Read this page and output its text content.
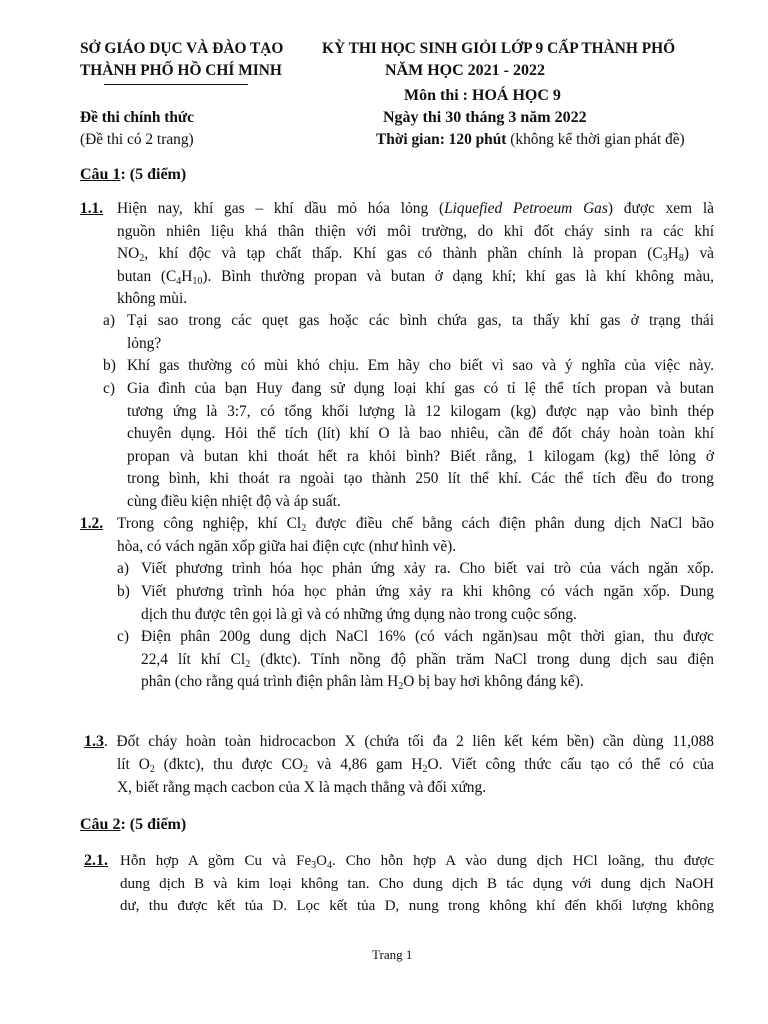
SỞ GIÁO DỤC VÀ ĐÀO TẠO
THÀNH PHỐ HỒ CHÍ MINH
KỲ THI HỌC SINH GIỎI LỚP 9 CẤP THÀNH PHỐ
NĂM HỌC 2021 - 2022
Môn thi : HOÁ HỌC 9
Đề thi chính thức	Ngày thi 30 tháng 3 năm 2022
(Đề thi có 2 trang)	Thời gian: 120 phút (không kể thời gian phát đề)
Câu 1: (5 điểm)
1.1. Hiện nay, khí gas – khí dầu mỏ hóa lỏng (Liquefied Petroeum Gas) được xem là
nguồn nhiên liệu khá thân thiện với môi trường, do khi đốt cháy sinh ra các khí
$NO_2$, khí độc và tạp chất thấp. Khí gas có thành phần chính là propan $(C_3H_8)$ và
butan $(C_4H_{10})$. Bình thường propan và butan ở dạng khí; khí gas là khí không màu,
không mùi.
a) Tại sao trong các quẹt gas hoặc các bình chứa gas, ta thấy khí gas ở trạng thái
lỏng?
b) Khí gas thường có mùi khó chịu. Em hãy cho biết vì sao và ý nghĩa của việc này.
c) Gia đình của bạn Huy đang sử dụng loại khí gas có tỉ lệ thể tích propan và butan
tương ứng là 3:7, có tổng khối lượng là 12 kilogam (kg) được nạp vào bình thép
chuyên dụng. Hỏi thể tích (lít) khí O là bao nhiêu, cần để đốt cháy hoàn toàn khí
propan và butan khi thoát hết ra khỏi bình? Biết rằng, 1 kilogam (kg) thể lỏng ở
trong bình, khi thoát ra ngoài tạo thành 250 lít thể khí. Các thể tích đều đo trong
cùng điều kiện nhiệt độ và áp suất.
1.2. Trong công nghiệp, khí $Cl_2$ được điều chế bằng cách điện phân dung dịch NaCl bão
hòa, có vách ngăn xốp giữa hai điện cực (như hình vẽ).
a) Viết phương trình hóa học phản ứng xảy ra. Cho biết vai trò của vách ngăn xốp.
b) Viết phương trình hóa học phản ứng xảy ra khi không có vách ngăn xốp. Dung
dịch thu được tên gọi là gì và có những ứng dụng nào trong cuộc sống.
c) Điện phân 200g dung dịch NaCl 16% (có vách ngăn)sau một thời gian, thu được
22,4 lít khí $Cl_2$ (đktc). Tính nồng độ phần trăm NaCl trong dung dịch sau điện
phân (cho rằng quá trình điện phân làm $H_2O$ bị bay hơi không đáng kể).
1.3. Đốt cháy hoàn toàn hidrocacbon X (chứa tối đa 2 liên kết kém bền) cần dùng 11,088
lít $O_2$ (đktc), thu được $CO_2$ và 4,86 gam $H_2O$. Viết công thức cấu tạo có thể có của
X, biết rằng mạch cacbon của X là mạch thẳng và đối xứng.
Câu 2: (5 điểm)
2.1. Hỗn hợp A gồm Cu và $Fe_3O_4$. Cho hỗn hợp A vào dung dịch HCl loãng, thu được
dung dịch B và kim loại không tan. Cho dung dịch B tác dụng với dung dịch NaOH
dư, thu được kết tủa D. Lọc kết tủa D, nung trong không khí đến khối lượng không
Trang 1
